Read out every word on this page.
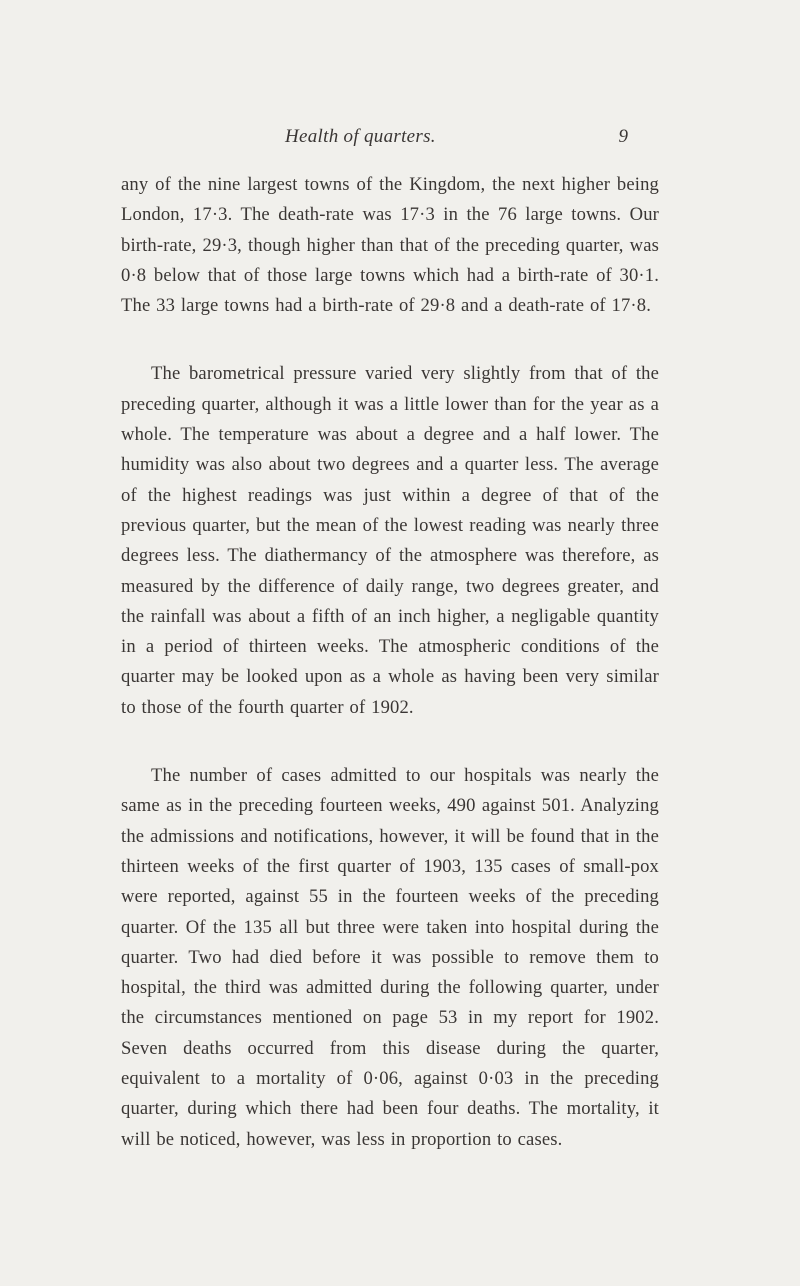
Health of quarters.	9

any of the nine largest towns of the Kingdom, the next higher being London, 17·3. The death-rate was 17·3 in the 76 large towns. Our birth-rate, 29·3, though higher than that of the preceding quarter, was 0·8 below that of those large towns which had a birth-rate of 30·1. The 33 large towns had a birth-rate of 29·8 and a death-rate of 17·8.

The barometrical pressure varied very slightly from that of the preceding quarter, although it was a little lower than for the year as a whole. The temperature was about a degree and a half lower. The humidity was also about two degrees and a quarter less. The average of the highest readings was just within a degree of that of the previous quarter, but the mean of the lowest reading was nearly three degrees less. The diathermancy of the atmosphere was therefore, as measured by the difference of daily range, two degrees greater, and the rainfall was about a fifth of an inch higher, a negligable quantity in a period of thirteen weeks. The atmospheric conditions of the quarter may be looked upon as a whole as having been very similar to those of the fourth quarter of 1902.

The number of cases admitted to our hospitals was nearly the same as in the preceding fourteen weeks, 490 against 501. Analyzing the admissions and notifications, however, it will be found that in the thirteen weeks of the first quarter of 1903, 135 cases of small-pox were reported, against 55 in the fourteen weeks of the preceding quarter. Of the 135 all but three were taken into hospital during the quarter. Two had died before it was possible to remove them to hospital, the third was admitted during the following quarter, under the circumstances mentioned on page 53 in my report for 1902. Seven deaths occurred from this disease during the quarter, equivalent to a mortality of 0·06, against 0·03 in the preceding quarter, during which there had been four deaths. The mortality, it will be noticed, however, was less in proportion to cases.
